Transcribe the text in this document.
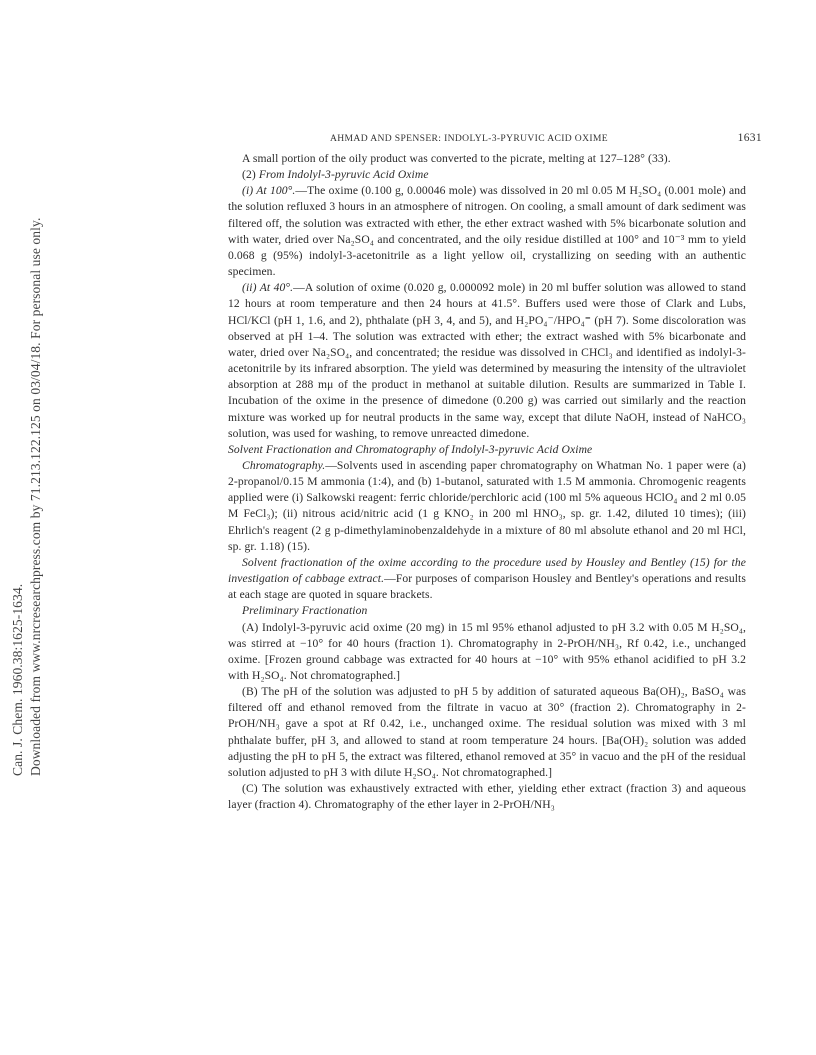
Can. J. Chem. 1960.38:1625-1634. Downloaded from www.nrcresearchpress.com by 71.213.122.125 on 03/04/18. For personal use only.
AHMAD AND SPENSER: INDOLYL-3-PYRUVIC ACID OXIME	1631

A small portion of the oily product was converted to the picrate, melting at 127–128° (33).

(2) From Indolyl-3-pyruvic Acid Oxime

(i) At 100°.—The oxime (0.100 g, 0.00046 mole) was dissolved in 20 ml 0.05 M H₂SO₄ (0.001 mole) and the solution refluxed 3 hours in an atmosphere of nitrogen. On cooling, a small amount of dark sediment was filtered off, the solution was extracted with ether, the ether extract washed with 5% bicarbonate solution and with water, dried over Na₂SO₄ and concentrated, and the oily residue distilled at 100° and 10⁻³ mm to yield 0.068 g (95%) indolyl-3-acetonitrile as a light yellow oil, crystallizing on seeding with an authentic specimen.

(ii) At 40°.—A solution of oxime (0.020 g, 0.000092 mole) in 20 ml buffer solution was allowed to stand 12 hours at room temperature and then 24 hours at 41.5°. Buffers used were those of Clark and Lubs, HCl/KCl (pH 1, 1.6, and 2), phthalate (pH 3, 4, and 5), and H₂PO₄⁻/HPO₄⁼ (pH 7). Some discoloration was observed at pH 1–4. The solution was extracted with ether; the extract washed with 5% bicarbonate and water, dried over Na₂SO₄, and concentrated; the residue was dissolved in CHCl₃ and identified as indolyl-3-acetonitrile by its infrared absorption. The yield was determined by measuring the intensity of the ultraviolet absorption at 288 mμ of the product in methanol at suitable dilution. Results are summarized in Table I. Incubation of the oxime in the presence of dimedone (0.200 g) was carried out similarly and the reaction mixture was worked up for neutral products in the same way, except that dilute NaOH, instead of NaHCO₃ solution, was used for washing, to remove unreacted dimedone.

Solvent Fractionation and Chromatography of Indolyl-3-pyruvic Acid Oxime

Chromatography.—Solvents used in ascending paper chromatography on Whatman No. 1 paper were (a) 2-propanol/0.15 M ammonia (1:4), and (b) 1-butanol, saturated with 1.5 M ammonia. Chromogenic reagents applied were (i) Salkowski reagent: ferric chloride/perchloric acid (100 ml 5% aqueous HClO₄ and 2 ml 0.05 M FeCl₃); (ii) nitrous acid/nitric acid (1 g KNO₂ in 200 ml HNO₃, sp. gr. 1.42, diluted 10 times); (iii) Ehrlich's reagent (2 g p-dimethylaminobenzaldehyde in a mixture of 80 ml absolute ethanol and 20 ml HCl, sp. gr. 1.18) (15).

Solvent fractionation of the oxime according to the procedure used by Housley and Bentley (15) for the investigation of cabbage extract.—For purposes of comparison Housley and Bentley's operations and results at each stage are quoted in square brackets.

Preliminary Fractionation

(A) Indolyl-3-pyruvic acid oxime (20 mg) in 15 ml 95% ethanol adjusted to pH 3.2 with 0.05 M H₂SO₄, was stirred at −10° for 40 hours (fraction 1). Chromatography in 2-PrOH/NH₃, Rf 0.42, i.e., unchanged oxime. [Frozen ground cabbage was extracted for 40 hours at −10° with 95% ethanol acidified to pH 3.2 with H₂SO₄. Not chromatographed.]

(B) The pH of the solution was adjusted to pH 5 by addition of saturated aqueous Ba(OH)₂, BaSO₄ was filtered off and ethanol removed from the filtrate in vacuo at 30° (fraction 2). Chromatography in 2-PrOH/NH₃ gave a spot at Rf 0.42, i.e., unchanged oxime. The residual solution was mixed with 3 ml phthalate buffer, pH 3, and allowed to stand at room temperature 24 hours. [Ba(OH)₂ solution was added adjusting the pH to pH 5, the extract was filtered, ethanol removed at 35° in vacuo and the pH of the residual solution adjusted to pH 3 with dilute H₂SO₄. Not chromatographed.]

(C) The solution was exhaustively extracted with ether, yielding ether extract (fraction 3) and aqueous layer (fraction 4). Chromatography of the ether layer in 2-PrOH/NH₃
